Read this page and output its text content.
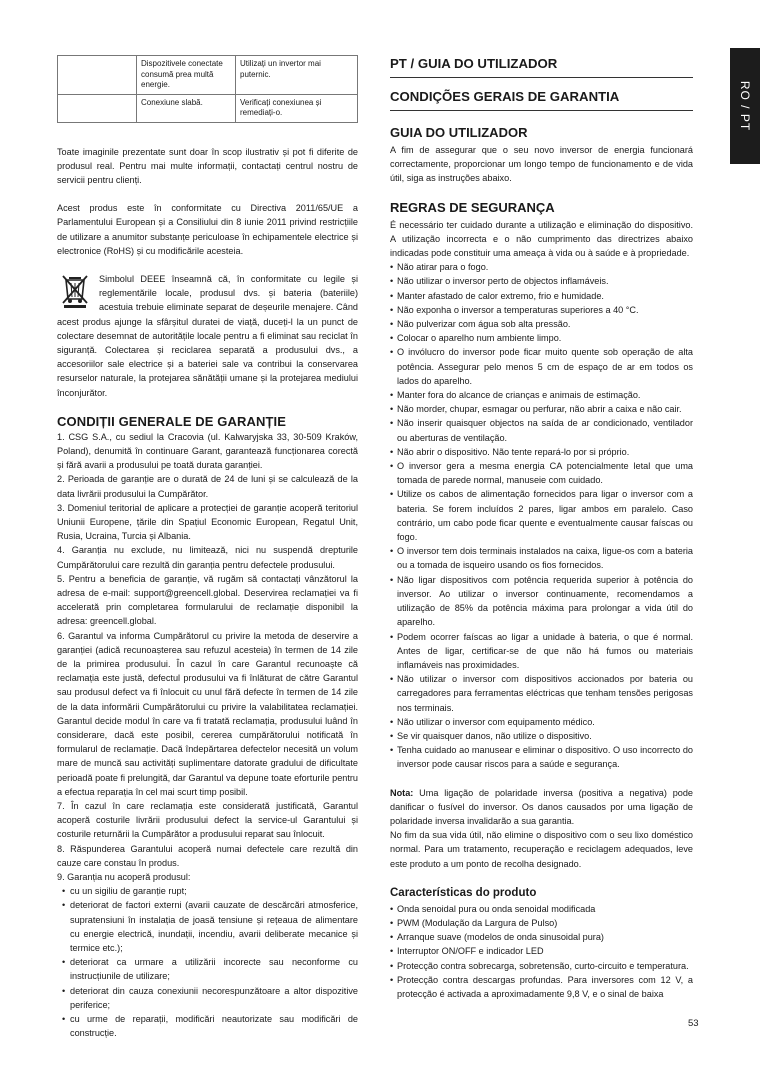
	Dispozitivele conectate consumă prea multă energie.	Utilizați un invertor mai puternic.
	Conexiune slabă.	Verificați conexiunea și remediați-o.

Toate imaginile prezentate sunt doar în scop ilustrativ și pot fi diferite de produsul real. Pentru mai multe informații, contactați centrul nostru de servicii pentru clienți.

Acest produs este în conformitate cu Directiva 2011/65/UE a Parlamentului European și a Consiliului din 8 iunie 2011 privind restricțiile de utilizare a anumitor substanțe periculoase în echipamentele electrice și electronice (RoHS) și cu modificările acesteia.

Simbolul DEEE înseamnă că, în conformitate cu legile și reglementările locale, produsul dvs. și bateria (bateriile) acestuia trebuie eliminate separat de deșeurile menajere. Când acest produs ajunge la sfârșitul duratei de viață, duceți-l la un punct de colectare desemnat de autoritățile locale pentru a fi eliminat sau reciclat în siguranță. Colectarea și reciclarea separată a produsului dvs., a accesoriilor sale electrice și a bateriei sale va contribui la conservarea resurselor naturale, la protejarea sănătății umane și la protejarea mediului înconjurător.

CONDIȚII GENERALE DE GARANȚIE
1. CSG S.A., cu sediul la Cracovia (ul. Kalwaryjska 33, 30-509 Kraków, Poland), denumită în continuare Garant, garantează funcționarea corectă și fără avarii a produsului pe toată durata garanției.
2. Perioada de garanție are o durată de 24 de luni și se calculează de la data livrării produsului la Cumpărător.
3. Domeniul teritorial de aplicare a protecției de garanție acoperă teritoriul Uniunii Europene, țările din Spațiul Economic European, Regatul Unit, Rusia, Ucraina, Turcia și Albania.
4. Garanția nu exclude, nu limitează, nici nu suspendă drepturile Cumpărătorului care rezultă din garanția pentru defectele produsului.
5. Pentru a beneficia de garanție, vă rugăm să contactați vânzătorul la adresa de e-mail: support@greencell.global. Deservirea reclamației va fi accelerată prin completarea formularului de reclamație disponibil la adresa: greencell.global.
6. Garantul va informa Cumpărătorul cu privire la metoda de deservire a garanției (adică recunoașterea sau refuzul acesteia) în termen de 14 zile de la primirea produsului. În cazul în care Garantul recunoaște că reclamația este justă, defectul produsului va fi înlăturat de către Garantul sau produsul defect va fi înlocuit cu unul fără defecte în termen de 14 zile de la data informării Cumpărătorului cu privire la valabilitatea reclamației. Garantul decide modul în care va fi tratată reclamația, produsului luând în considerare, dacă este posibil, cererea cumpărătorului notificată în formularul de reclamație. Dacă îndepărtarea defectelor necesită un volum mare de muncă sau activități suplimentare datorate gradului de dificultate perioadă poate fi prelungită, dar Garantul va depune toate eforturile pentru a efectua reparația în cel mai scurt timp posibil.
7. În cazul în care reclamația este considerată justificată, Garantul acoperă costurile livrării produsului defect la service-ul Garantului și costurile returnării la Cumpărător a produsului reparat sau înlocuit.
8. Răspunderea Garantului acoperă numai defectele care rezultă din cauze care constau în produs.
9. Garanția nu acoperă produsul:
• cu un sigiliu de garanție rupt;
• deteriorat de factori externi (avarii cauzate de descărcări atmosferice, supratensiuni în instalația de joasă tensiune și rețeaua de alimentare cu energie electrică, inundații, incendiu, avarii deliberate mecanice și termice etc.);
• deteriorat ca urmare a utilizării incorecte sau neconforme cu instrucțiunile de utilizare;
• deteriorat din cauza conexiunii necorespunzătoare a altor dispozitive periferice;
• cu urme de reparații, modificări neautorizate sau modificări de construcție.
PT / GUIA DO UTILIZADOR
CONDIÇÕES GERAIS DE GARANTIA
GUIA DO UTILIZADOR

A fim de assegurar que o seu novo inversor de energia funcionará correctamente, proporcionar um longo tempo de funcionamento e de vida útil, siga as instruções abaixo.

REGRAS DE SEGURANÇA

É necessário ter cuidado durante a utilização e eliminação do dispositivo. A utilização incorrecta e o não cumprimento das directrizes abaixo indicadas pode constituir uma ameaça à vida ou à saúde e à propriedade.

• Não atirar para o fogo.
• Não utilizar o inversor perto de objectos inflamáveis.
• Manter afastado de calor extremo, frio e humidade.
• Não exponha o inversor a temperaturas superiores a 40 °C.
• Não pulverizar com água sob alta pressão.
• Colocar o aparelho num ambiente limpo.
• O invólucro do inversor pode ficar muito quente sob operação de alta potência. Assegurar pelo menos 5 cm de espaço de ar em todos os lados do aparelho.
• Manter fora do alcance de crianças e animais de estimação.
• Não morder, chupar, esmagar ou perfurar, não abrir a caixa e não cair.
• Não inserir quaisquer objectos na saída de ar condicionado, ventilador ou aberturas de ventilação.
• Não abrir o dispositivo. Não tente repará-lo por si próprio.
• O inversor gera a mesma energia CA potencialmente letal que uma tomada de parede normal, manuseie com cuidado.
• Utilize os cabos de alimentação fornecidos para ligar o inversor com a bateria. Se forem incluídos 2 pares, ligar ambos em paralelo. Caso contrário, um cabo pode ficar quente e eventualmente causar faíscas ou fogo.
• O inversor tem dois terminais instalados na caixa, ligue-os com a bateria ou a tomada de isqueiro usando os fios fornecidos.
• Não ligar dispositivos com potência requerida superior à potência do inversor. Ao utilizar o inversor continuamente, recomendamos a utilização de 85% da potência máxima para prolongar a vida útil do aparelho.
• Podem ocorrer faíscas ao ligar a unidade à bateria, o que é normal. Antes de ligar, certificar-se de que não há fumos ou materiais inflamáveis nas proximidades.
• Não utilizar o inversor com dispositivos accionados por bateria ou carregadores para ferramentas eléctricas que tenham tensões perigosas nos terminais.
• Não utilizar o inversor com equipamento médico.
• Se vir quaisquer danos, não utilize o dispositivo.
• Tenha cuidado ao manusear e eliminar o dispositivo. O uso incorrecto do inversor pode causar riscos para a saúde e segurança.

Nota: Uma ligação de polaridade inversa (positiva a negativa) pode danificar o fusível do inversor. Os danos causados por uma ligação de polaridade inversa invalidarão a sua garantia.

No fim da sua vida útil, não elimine o dispositivo com o seu lixo doméstico normal. Para um tratamento, recuperação e reciclagem adequados, leve este produto a um ponto de recolha designado.

Características do produto
• Onda senoidal pura ou onda senoidal modificada
• PWM (Modulação da Largura de Pulso)
• Arranque suave (modelos de onda sinusoidal pura)
• Interruptor ON/OFF e indicador LED
• Protecção contra sobrecarga, sobretensão, curto-circuito e temperatura.
• Protecção contra descargas profundas. Para inversores com 12 V, a protecção é activada a aproximadamente 9,8 V, e o sinal de baixa
RO / PT
53
